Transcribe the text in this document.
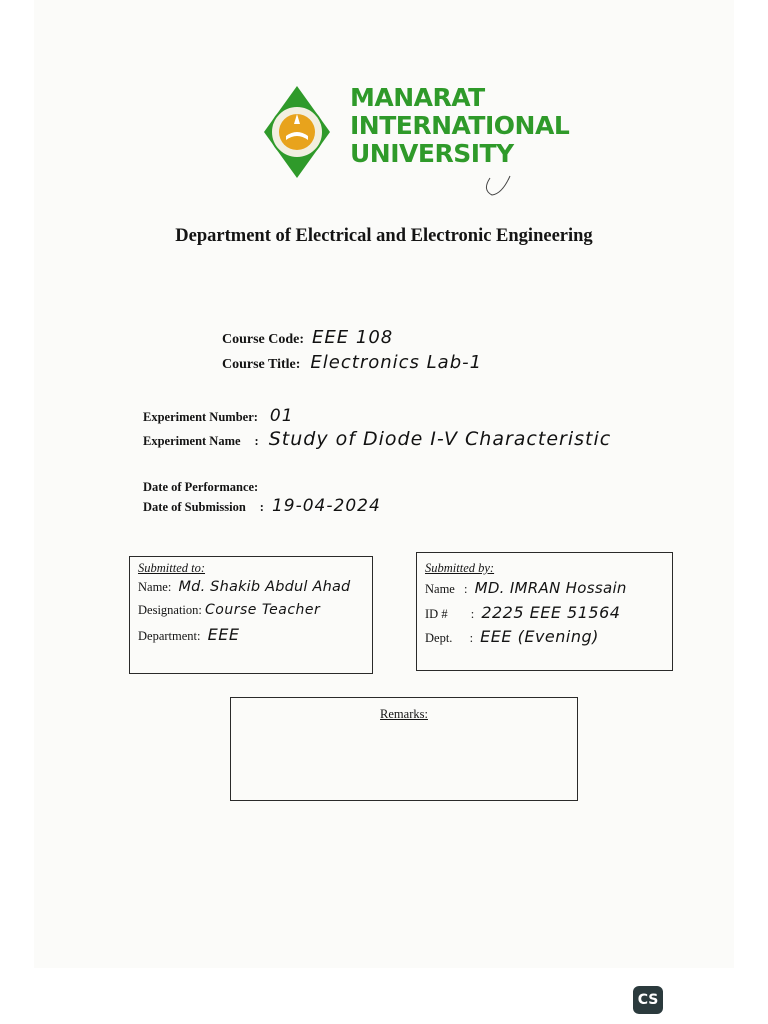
MANARAT
INTERNATIONAL
UNIVERSITY
Department of Electrical and Electronic Engineering
Course Code: EEE 108
Course Title: Electronics Lab-1
Experiment Number: 01
Experiment Name : Study of Diode I-V Characteristic
Date of Performance:
Date of Submission : 19-04-2024
Submitted to:
Name: Md. Shakib Abdul Ahad
Designation: Course Teacher
Department: EEE
Submitted by:
Name : MD. IMRAN Hossain
ID # : 2225 EEE 51564
Dept. : EEE (Evening)
Remarks:
CS
